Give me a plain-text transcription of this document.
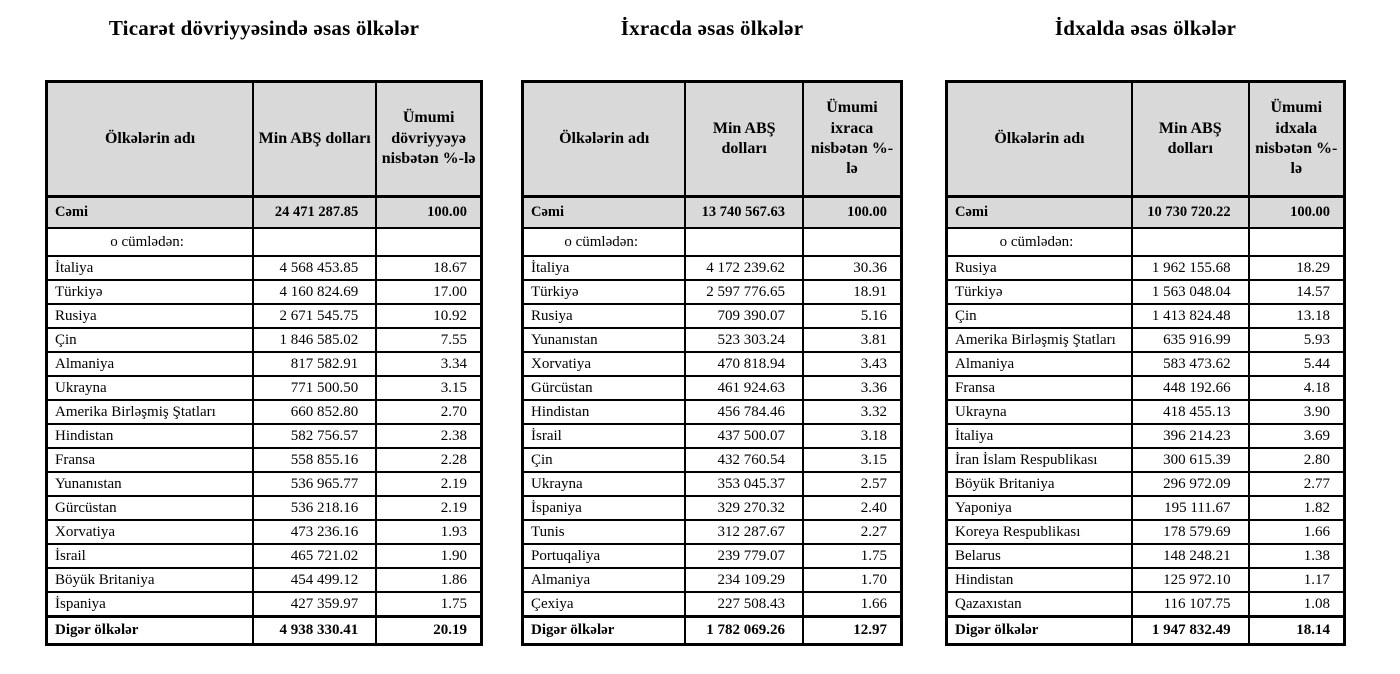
Ticarət dövriyyəsində əsas ölkələr
Ölkələrin adı	Min ABŞ dolları	Ümumi dövriyyəyə nisbətən %-lə
Cəmi	24 471 287.85	100.00
o cümlədən:		
İtaliya	4 568 453.85	18.67
Türkiyə	4 160 824.69	17.00
Rusiya	2 671 545.75	10.92
Çin	1 846 585.02	7.55
Almaniya	817 582.91	3.34
Ukrayna	771 500.50	3.15
Amerika Birləşmiş Ştatları	660 852.80	2.70
Hindistan	582 756.57	2.38
Fransa	558 855.16	2.28
Yunanıstan	536 965.77	2.19
Gürcüstan	536 218.16	2.19
Xorvatiya	473 236.16	1.93
İsrail	465 721.02	1.90
Böyük Britaniya	454 499.12	1.86
İspaniya	427 359.97	1.75
Digər ölkələr	4 938 330.41	20.19
İxracda əsas ölkələr
Ölkələrin adı	Min ABŞ dolları	Ümumi ixraca nisbətən %-lə
Cəmi	13 740 567.63	100.00
o cümlədən:		
İtaliya	4 172 239.62	30.36
Türkiyə	2 597 776.65	18.91
Rusiya	709 390.07	5.16
Yunanıstan	523 303.24	3.81
Xorvatiya	470 818.94	3.43
Gürcüstan	461 924.63	3.36
Hindistan	456 784.46	3.32
İsrail	437 500.07	3.18
Çin	432 760.54	3.15
Ukrayna	353 045.37	2.57
İspaniya	329 270.32	2.40
Tunis	312 287.67	2.27
Portuqaliya	239 779.07	1.75
Almaniya	234 109.29	1.70
Çexiya	227 508.43	1.66
Digər ölkələr	1 782 069.26	12.97
İdxalda əsas ölkələr
Ölkələrin adı	Min ABŞ dolları	Ümumi idxala nisbətən %-lə
Cəmi	10 730 720.22	100.00
o cümlədən:		
Rusiya	1 962 155.68	18.29
Türkiyə	1 563 048.04	14.57
Çin	1 413 824.48	13.18
Amerika Birləşmiş Ştatları	635 916.99	5.93
Almaniya	583 473.62	5.44
Fransa	448 192.66	4.18
Ukrayna	418 455.13	3.90
İtaliya	396 214.23	3.69
İran İslam Respublikası	300 615.39	2.80
Böyük Britaniya	296 972.09	2.77
Yaponiya	195 111.67	1.82
Koreya Respublikası	178 579.69	1.66
Belarus	148 248.21	1.38
Hindistan	125 972.10	1.17
Qazaxıstan	116 107.75	1.08
Digər ölkələr	1 947 832.49	18.14
